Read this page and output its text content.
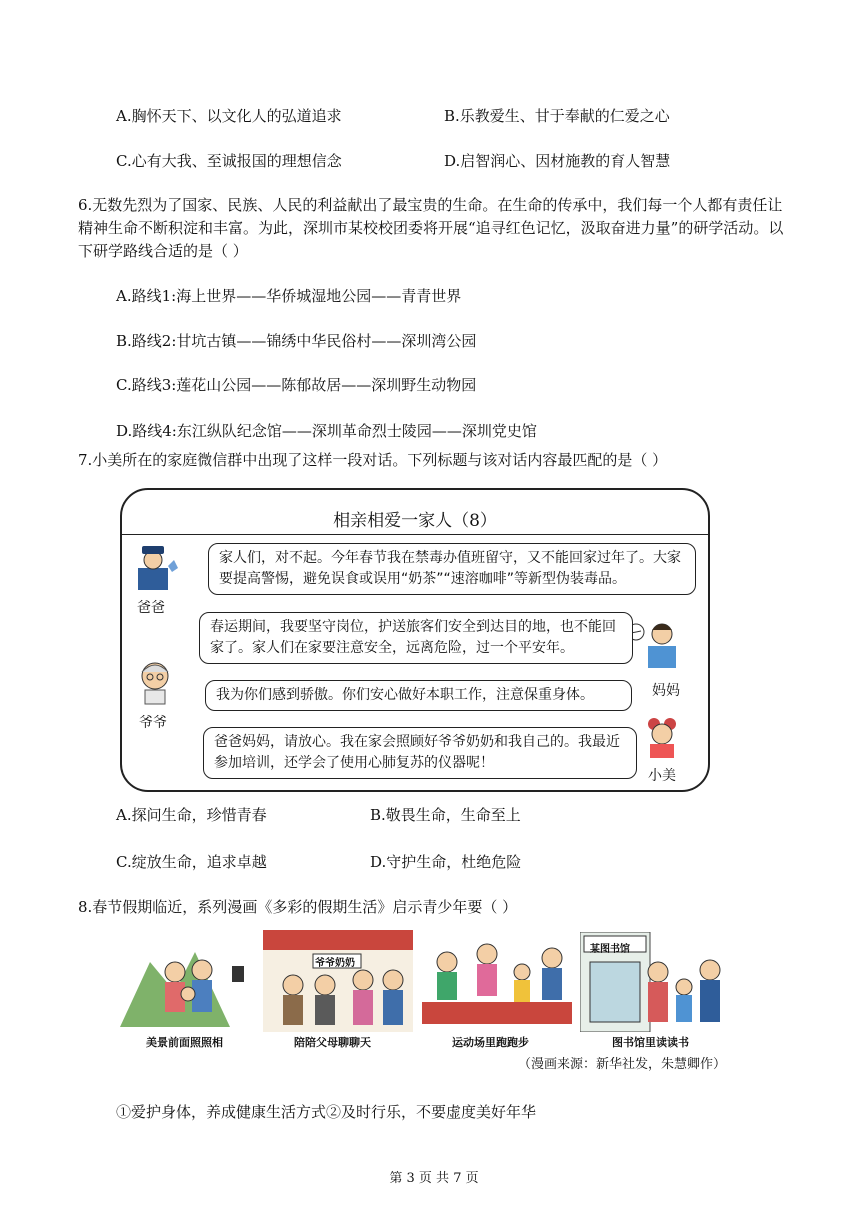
A.胸怀天下、以文化人的弘道追求	B.乐教爱生、甘于奉献的仁爱之心
C.心有大我、至诚报国的理想信念	D.启智润心、因材施教的育人智慧
6.无数先烈为了国家、民族、人民的利益献出了最宝贵的生命。在生命的传承中，我们每一个人都有责任让精神生命不断积淀和丰富。为此，深圳市某校校团委将开展“追寻红色记忆，汲取奋进力量”的研学活动。以下研学路线合适的是（ ）
A.路线1:海上世界——华侨城湿地公园——青青世界
B.路线2:甘坑古镇——锦绣中华民俗村——深圳湾公园
C.路线3:莲花山公园——陈郁故居——深圳野生动物园
D.路线4:东江纵队纪念馆——深圳革命烈士陵园——深圳党史馆
7.小美所在的家庭微信群中出现了这样一段对话。下列标题与该对话内容最匹配的是（ ）
相亲相爱一家人（8）
爸爸
家人们，对不起。今年春节我在禁毒办值班留守，又不能回家过年了。大家要提高警惕，避免误食或误用“奶茶”“速溶咖啡”等新型伪装毒品。
妈妈
春运期间，我要坚守岗位，护送旅客们安全到达目的地，也不能回家了。家人们在家要注意安全，远离危险，过一个平安年。
爷爷
我为你们感到骄傲。你们安心做好本职工作，注意保重身体。
小美
爸爸妈妈，请放心。我在家会照顾好爷爷奶奶和我自己的。我最近参加培训，还学会了使用心肺复苏的仪器呢！
A.探问生命，珍惜青春	B.敬畏生命，生命至上
C.绽放生命，追求卓越	D.守护生命，杜绝危险
8.春节假期临近，系列漫画《多彩的假期生活》启示青少年要（ ）
美景前面照照相
爷爷奶奶
陪陪父母聊聊天	运动场里跑跑步
某图书馆
图书馆里读读书
（漫画来源：新华社发，朱慧卿作）
①爱护身体，养成健康生活方式②及时行乐，不要虚度美好年华
第 3 页 共 7 页
